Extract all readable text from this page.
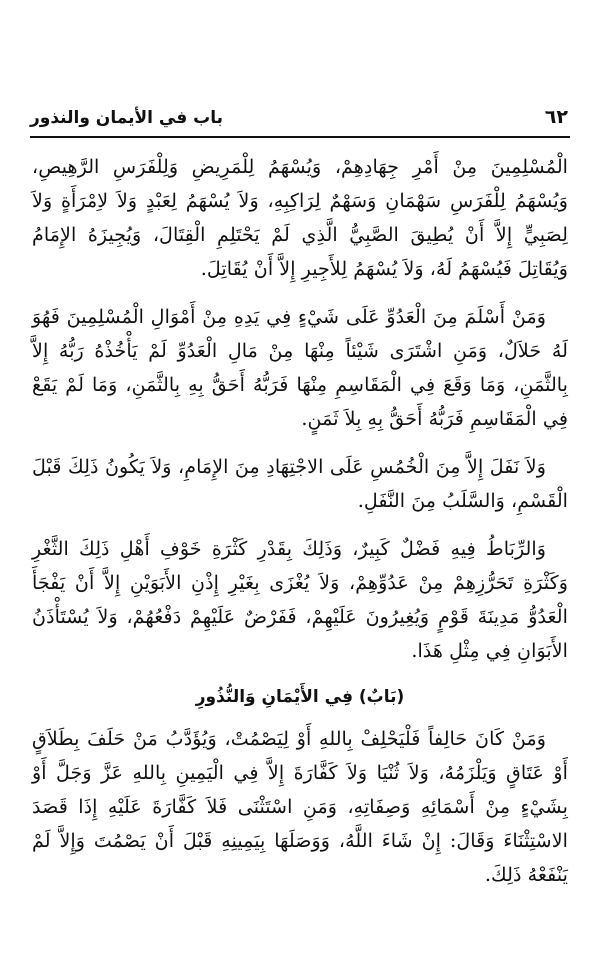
٦٢
باب في الأيمان والنذور

الْمُسْلِمِينَ مِنْ أَمْرِ جِهَادِهِمْ، وَيُسْهَمُ لِلْمَرِيضِ وَلِلْفَرَسِ الرَّهِيصِ، وَيُسْهَمُ لِلْفَرَسِ سَهْمَانِ وَسَهْمٌ لِرَاكِبِهِ، وَلاَ يُسْهَمُ لِعَبْدٍ وَلاَ لاِمْرَأَةٍ وَلاَ لِصَبِيٍّ إِلاَّ أَنْ يُطِيقَ الصَّبِيُّ الَّذِي لَمْ يَحْتَلِمِ الْقِتَالَ، وَيُجِيزَهُ الإِمَامُ وَيُقَاتِلَ فَيُسْهَمُ لَهُ، وَلاَ يُسْهَمُ لِلأَجِيرِ إِلاَّ أَنْ يُقَاتِلَ.

وَمَنْ أَسْلَمَ مِنَ الْعَدُوِّ عَلَى شَيْءٍ فِي يَدِهِ مِنْ أَمْوَالِ الْمُسْلِمِينَ فَهُوَ لَهُ حَلاَلٌ، وَمَنِ اشْتَرَى شَيْئاً مِنْهَا مِنْ مَالِ الْعَدُوِّ لَمْ يَأْخُذْهُ رَبُّهُ إِلاَّ بِالثَّمَنِ، وَمَا وَقَعَ فِي الْمَقَاسِمِ مِنْهَا فَرَبُّهُ أَحَقُّ بِهِ بِالثَّمَنِ، وَمَا لَمْ يَقَعْ فِي الْمَقَاسِمِ فَرَبُّهُ أَحَقُّ بِهِ بِلاَ ثَمَنٍ.

وَلاَ نَفَلَ إِلاَّ مِنَ الْخُمُسِ عَلَى الاجْتِهَادِ مِنَ الإِمَامِ، وَلاَ يَكُونُ ذَلِكَ قَبْلَ الْقَسْمِ، وَالسَّلَبُ مِنَ النَّفَلِ.

وَالرِّبَاطُ فِيهِ فَضْلٌ كَبِيرٌ، وَذَلِكَ بِقَدْرِ كَثْرَةِ خَوْفِ أَهْلِ ذَلِكَ الثَّغْرِ وَكَثْرَةِ تَحَرُّزِهِمْ مِنْ عَدُوِّهِمْ، وَلاَ يُغْزَى بِغَيْرِ إِذْنِ الأَبَوَيْنِ إِلاَّ أَنْ يَفْجَأَ الْعَدُوُّ مَدِينَةَ قَوْمٍ وَيُغِيرُونَ عَلَيْهِمْ، فَفَرْضٌ عَلَيْهِمْ دَفْعُهُمْ، وَلاَ يُسْتَأْذَنُ الأَبَوَانِ فِي مِثْلِ هَذَا.

(بَابٌ) فِي الأَيْمَانِ وَالنُّذُورِ

وَمَنْ كَانَ حَالِفاً فَلْيَحْلِفْ بِاللهِ أَوْ لِيَصْمُتْ، وَيُؤَدَّبُ مَنْ حَلَفَ بِطَلاَقٍ أَوْ عَتَاقٍ وَيَلْزَمُهُ، وَلاَ ثُنْيَا وَلاَ كَفَّارَةَ إِلاَّ فِي الْيَمِينِ بِاللهِ عَزَّ وَجَلَّ أَوْ بِشَيْءٍ مِنْ أَسْمَائِهِ وَصِفَاتِهِ، وَمَنِ اسْتَثْنَى فَلاَ كَفَّارَةَ عَلَيْهِ إِذَا قَصَدَ الاسْتِثْنَاءَ وَقَالَ: إِنْ شَاءَ اللَّهُ، وَوَصَلَهَا بِيَمِينِهِ قَبْلَ أَنْ يَصْمُتَ وَإِلاَّ لَمْ يَنْفَعْهُ ذَلِكَ.
